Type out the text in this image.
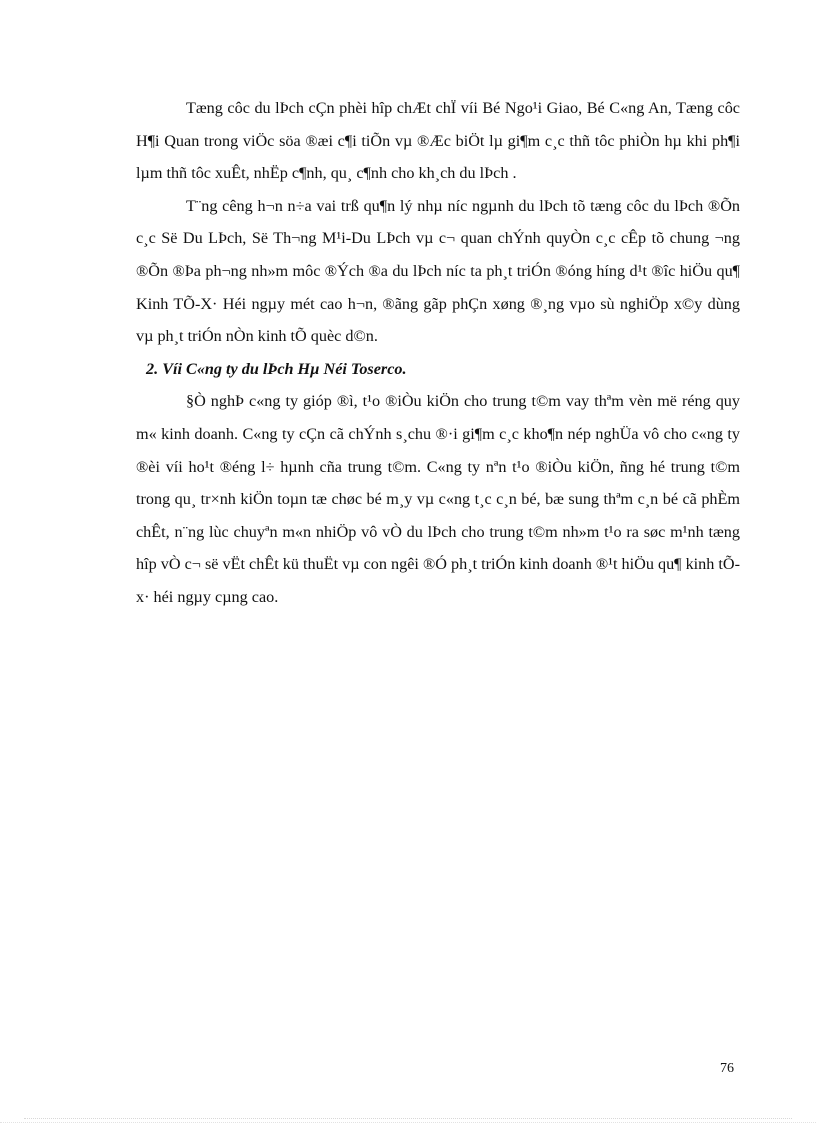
Tæng côc du lÞch cÇn phèi hîp chÆt chÏ víi Bé Ngo¹i Giao, Bé C«ng An, Tæng côc H¶i Quan trong viÖc söa ®æi c¶i tiÕn vµ ®Æc biÖt lµ gi¶m c¸c thñ tôc phiÒn hµ khi ph¶i lµm thñ tôc xuÊt, nhËp c¶nh, qu¸ c¶nh cho kh¸ch du lÞch .

T¨ng cêng h¬n n÷a vai trß qu¶n lý nhµ níc ngµnh du lÞch tõ tæng côc du lÞch ®Õn c¸c Së Du LÞch, Së Th¬ng M¹i-Du LÞch vµ c¬ quan chÝnh quyÒn c¸c cÊp tõ chung ¬ng ®Õn ®Þa ph¬ng nh»m môc ®Ých ®a du lÞch níc ta ph¸t triÓn ®óng híng d¹t ®îc hiÖu qu¶ Kinh TÕ-X· Héi ngµy mét cao h¬n, ®ãng gãp phÇn xøng ®¸ng vµo sù nghiÖp x©y dùng vµ ph¸t triÓn nÒn kinh tÕ quèc d©n.

2. Víi C«ng ty du lÞch Hµ Néi Toserco.

§Ò nghÞ c«ng ty gióp ®ì, t¹o ®iÒu kiÖn cho trung t©m vay thªm vèn më réng quy m« kinh doanh. C«ng ty cÇn cã chÝnh s¸chu ®·i gi¶m c¸c kho¶n nép nghÜa vô cho c«ng ty ®èi víi ho¹t ®éng l÷ hµnh cña trung t©m. C«ng ty nªn t¹o ®iÒu kiÖn, ñng hé trung t©m trong qu¸ tr×nh kiÖn toµn tæ chøc bé m¸y vµ c«ng t¸c c¸n bé, bæ sung thªm c¸n bé cã phÈm chÊt, n¨ng lùc chuyªn m«n nhiÖp vô vÒ du lÞch cho trung t©m nh»m t¹o ra søc m¹nh tæng hîp vÒ c¬ së vËt chÊt kü thuËt vµ con ngêi ®Ó ph¸t triÓn kinh doanh ®¹t hiÖu qu¶ kinh tÕ-x· héi ngµy cµng cao.

76
